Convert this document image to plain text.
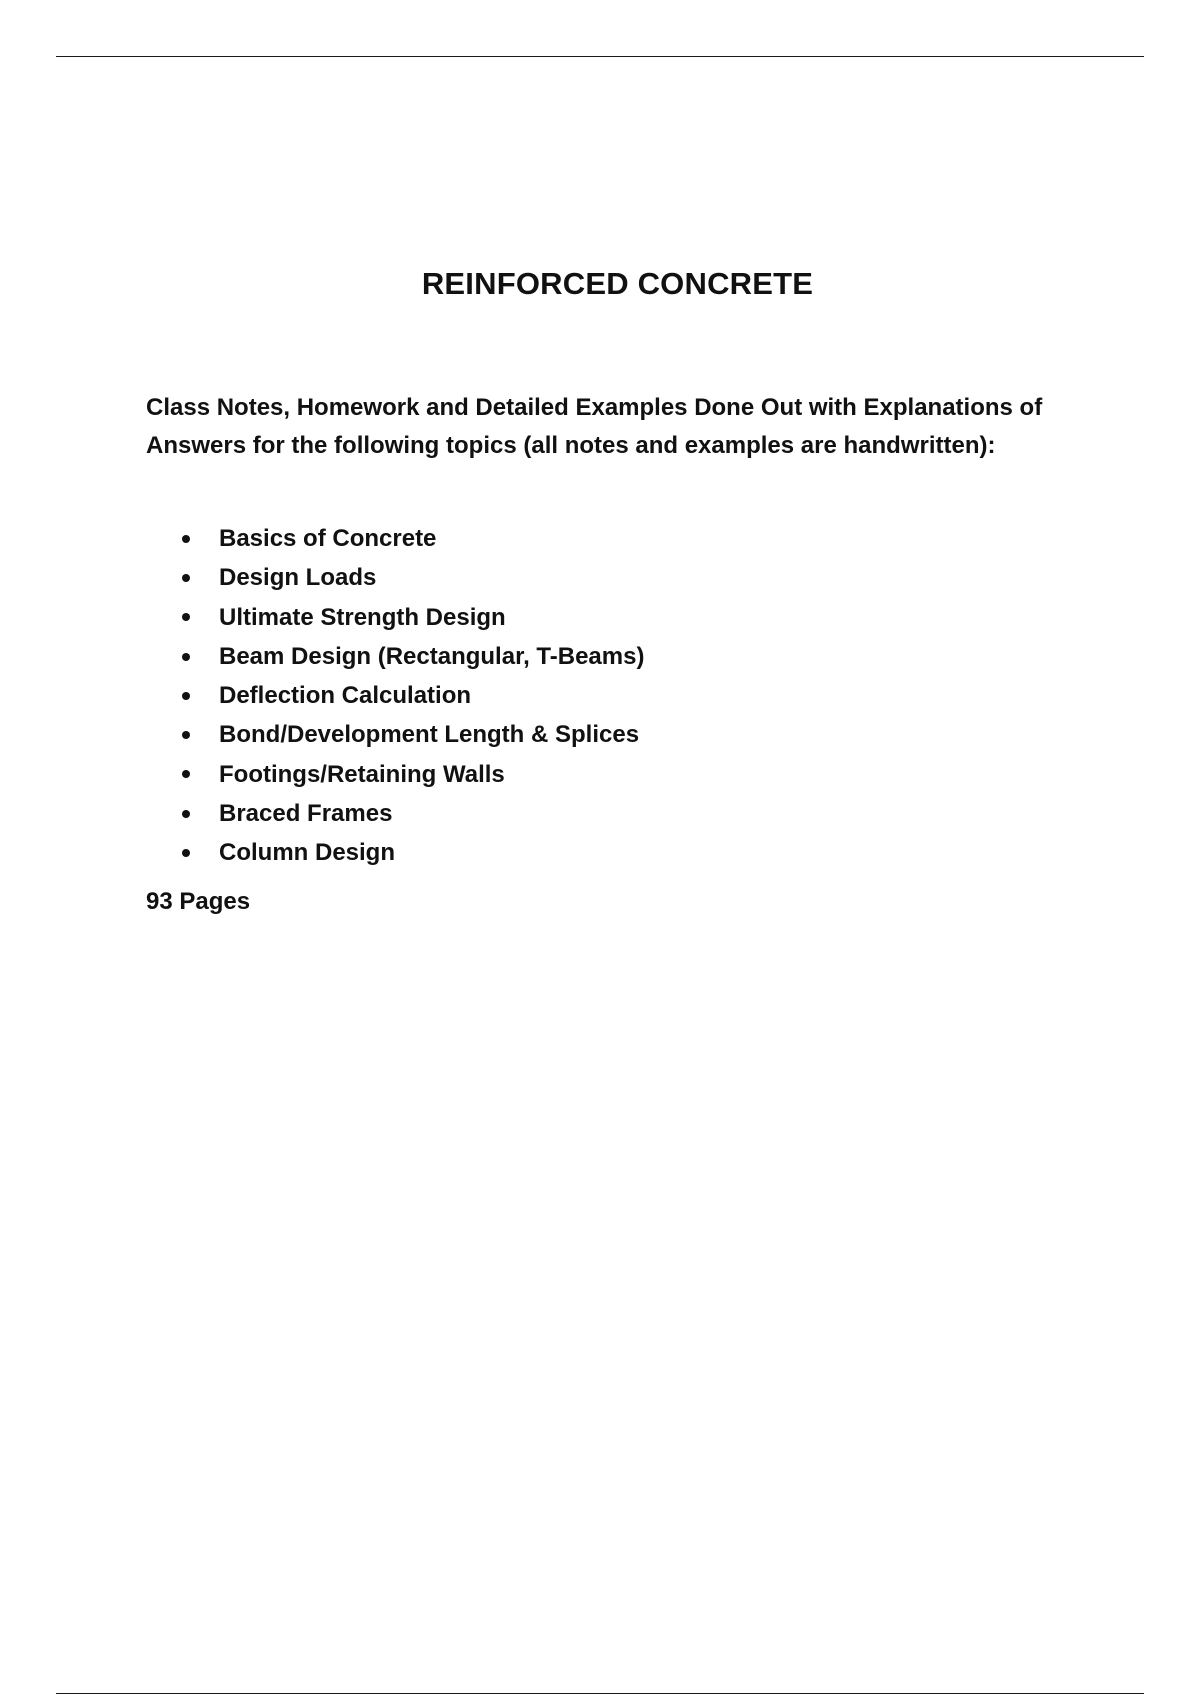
REINFORCED CONCRETE
Class Notes, Homework and Detailed Examples Done Out with Explanations of Answers for the following topics (all notes and examples are handwritten):
Basics of Concrete
Design Loads
Ultimate Strength Design
Beam Design (Rectangular, T-Beams)
Deflection Calculation
Bond/Development Length & Splices
Footings/Retaining Walls
Braced Frames
Column Design
93 Pages
